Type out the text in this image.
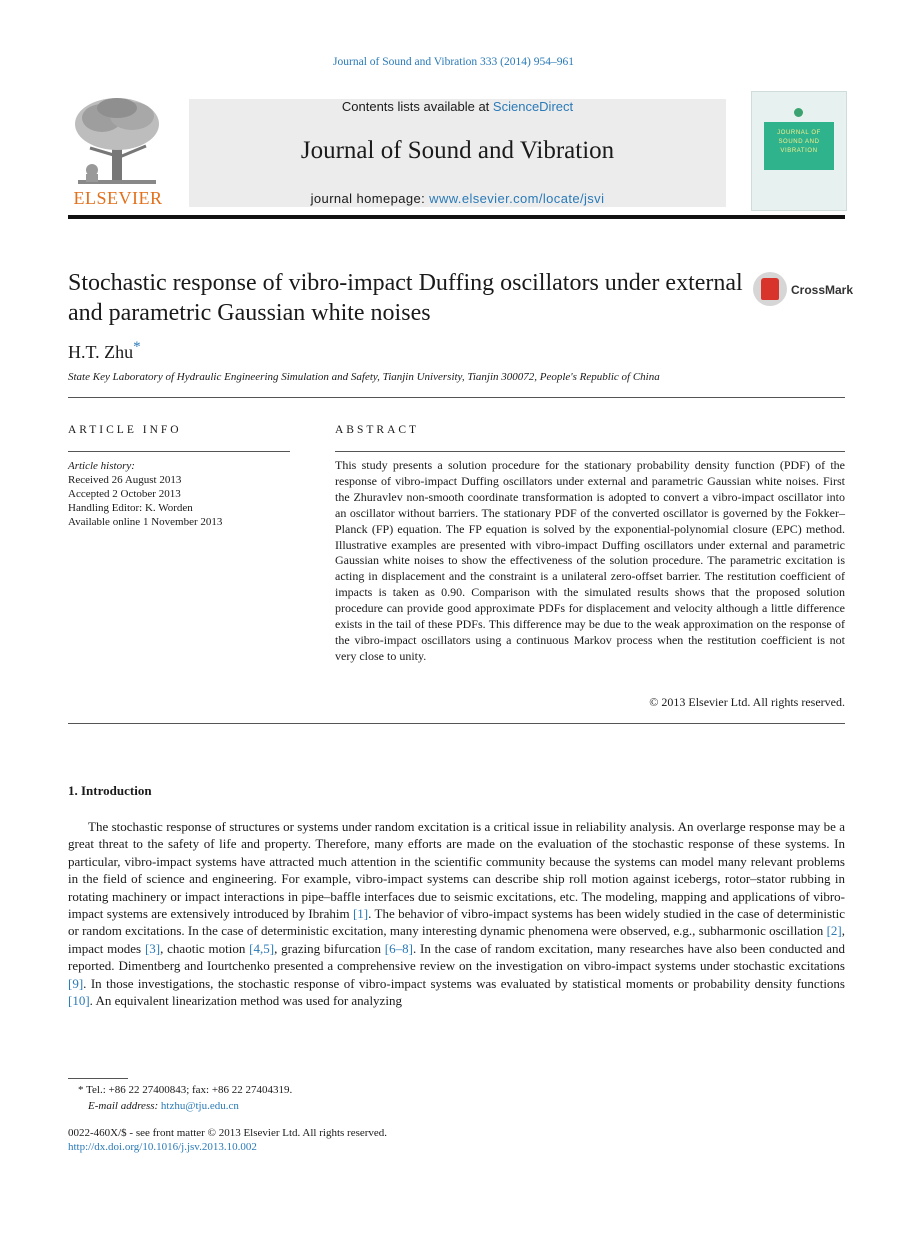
Journal of Sound and Vibration 333 (2014) 954–961
ELSEVIER
Contents lists available at ScienceDirect
Journal of Sound and Vibration
journal homepage: www.elsevier.com/locate/jsvi
JOURNAL OF SOUND AND VIBRATION
Stochastic response of vibro-impact Duffing oscillators under external and parametric Gaussian white noises
CrossMark
H.T. Zhu*
State Key Laboratory of Hydraulic Engineering Simulation and Safety, Tianjin University, Tianjin 300072, People's Republic of China
ARTICLE INFO	ABSTRACT
Article history:
Received 26 August 2013
Accepted 2 October 2013
Handling Editor: K. Worden
Available online 1 November 2013
This study presents a solution procedure for the stationary probability density function (PDF) of the response of vibro-impact Duffing oscillators under external and parametric Gaussian white noises. First the Zhuravlev non-smooth coordinate transformation is adopted to convert a vibro-impact oscillator into an oscillator without barriers. The stationary PDF of the converted oscillator is governed by the Fokker–Planck (FP) equation. The FP equation is solved by the exponential-polynomial closure (EPC) method. Illustrative examples are presented with vibro-impact Duffing oscillators under external and parametric Gaussian white noises to show the effectiveness of the solution procedure. The parametric excitation is acting in displacement and the constraint is a unilateral zero-offset barrier. The restitution coefficient of impacts is taken as 0.90. Comparison with the simulated results shows that the proposed solution procedure can provide good approximate PDFs for displacement and velocity although a little difference exists in the tail of these PDFs. This difference may be due to the weak approximation on the response of the vibro-impact oscillators using a continuous Markov process when the restitution coefficient is not very close to unity.
© 2013 Elsevier Ltd. All rights reserved.
1. Introduction
The stochastic response of structures or systems under random excitation is a critical issue in reliability analysis. An overlarge response may be a great threat to the safety of life and property. Therefore, many efforts are made on the evaluation of the stochastic response of these systems. In particular, vibro-impact systems have attracted much attention in the scientific community because the systems can model many relevant problems in the field of science and engineering. For example, vibro-impact systems can describe ship roll motion against icebergs, rotor–stator rubbing in rotating machinery or impact interactions in pipe–baffle interfaces due to seismic excitations, etc. The modeling, mapping and applications of vibro-impact systems are extensively introduced by Ibrahim [1]. The behavior of vibro-impact systems has been widely studied in the case of deterministic or random excitations. In the case of deterministic excitation, many interesting dynamic phenomena were observed, e.g., subharmonic oscillation [2], impact modes [3], chaotic motion [4,5], grazing bifurcation [6–8]. In the case of random excitation, many researches have also been conducted and reported. Dimentberg and Iourtchenko presented a comprehensive review on the investigation on vibro-impact systems under stochastic excitations [9]. In those investigations, the stochastic response of vibro-impact systems was evaluated by statistical moments or probability density functions [10]. An equivalent linearization method was used for analyzing
* Tel.: +86 22 27400843; fax: +86 22 27404319.
E-mail address: htzhu@tju.edu.cn
0022-460X/$ - see front matter © 2013 Elsevier Ltd. All rights reserved.
http://dx.doi.org/10.1016/j.jsv.2013.10.002
